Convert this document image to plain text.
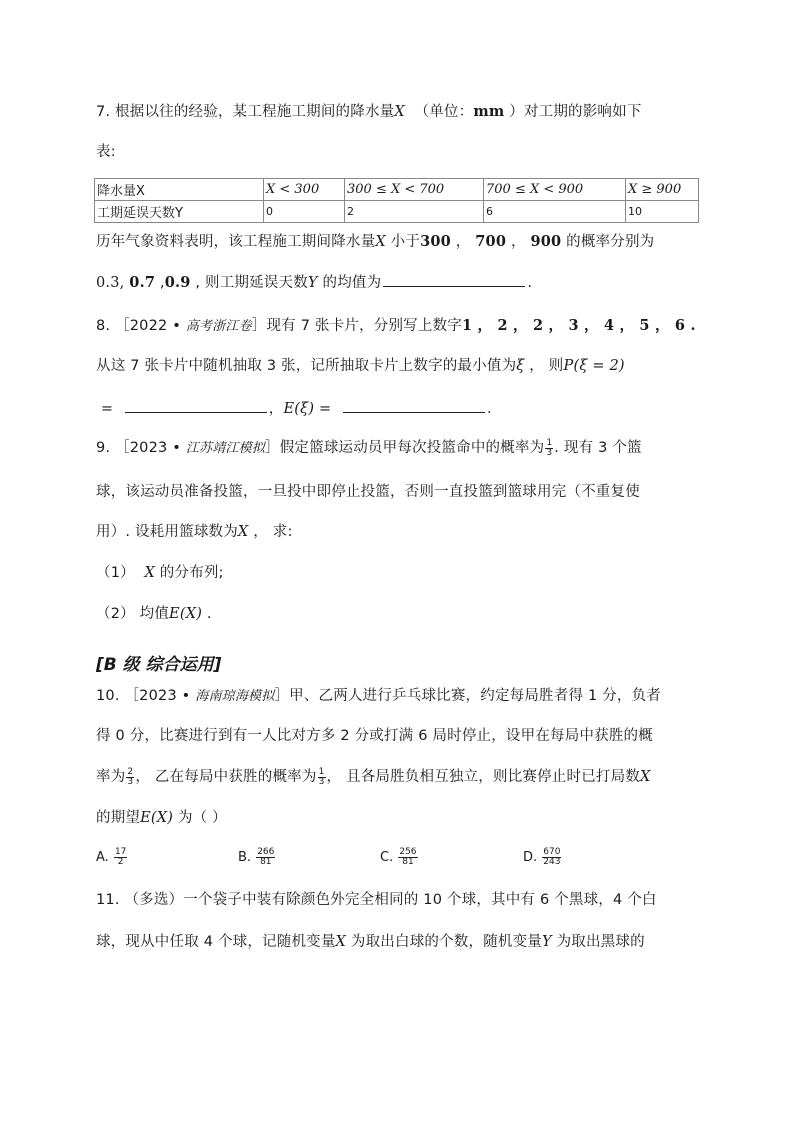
7. 根据以往的经验，某工程施工期间的降水量X （单位：mm ）对工期的影响如下
表:
降水量X	X < 300	300 ≤ X < 700	700 ≤ X < 900	X ≥ 900
工期延误天数Y	0	2	6	10
历年气象资料表明，该工程施工期间降水量X 小于300 ， 700 ， 900 的概率分别为
0.3, 0.7 ,0.9 , 则工期延误天数Y 的均值为	.
8. ［2022 • 高考浙江卷］现有 7 张卡片，分别写上数字1 ， 2 ， 2 ， 3 ， 4 ， 5 ， 6 .
从这 7 张卡片中随机抽取 3 张，记所抽取卡片上数字的最小值为ξ ， 则P(ξ = 2)
=	，E(ξ) =	.
9. ［2023 • 江苏靖江模拟］假定篮球运动员甲每次投篮命中的概率为 $\frac{1}{3}$ . 现有 3 个篮
球，该运动员准备投篮，一旦投中即停止投篮，否则一直投篮到篮球用完（不重复使
用）. 设耗用篮球数为X ， 求:
（1） X 的分布列;
（2） 均值E(X) .
[B 级 综合运用]
10. ［2023 • 海南琼海模拟］甲、乙两人进行乒乓球比赛，约定每局胜者得 1 分，负者
得 0 分，比赛进行到有一人比对方多 2 分或打满 6 局时停止，设甲在每局中获胜的概
率为 $\frac{2}{3}$ ， 乙在每局中获胜的概率为 $\frac{1}{3}$ ， 且各局胜负相互独立，则比赛停止时已打局数X
的期望E(X) 为（ ）
A. $\frac{17}{2}$	B. $\frac{266}{81}$	C. $\frac{256}{81}$	D. $\frac{670}{243}$
11. （多选）一个袋子中装有除颜色外完全相同的 10 个球，其中有 6 个黑球，4 个白
球，现从中任取 4 个球，记随机变量X 为取出白球的个数，随机变量Y 为取出黑球的
